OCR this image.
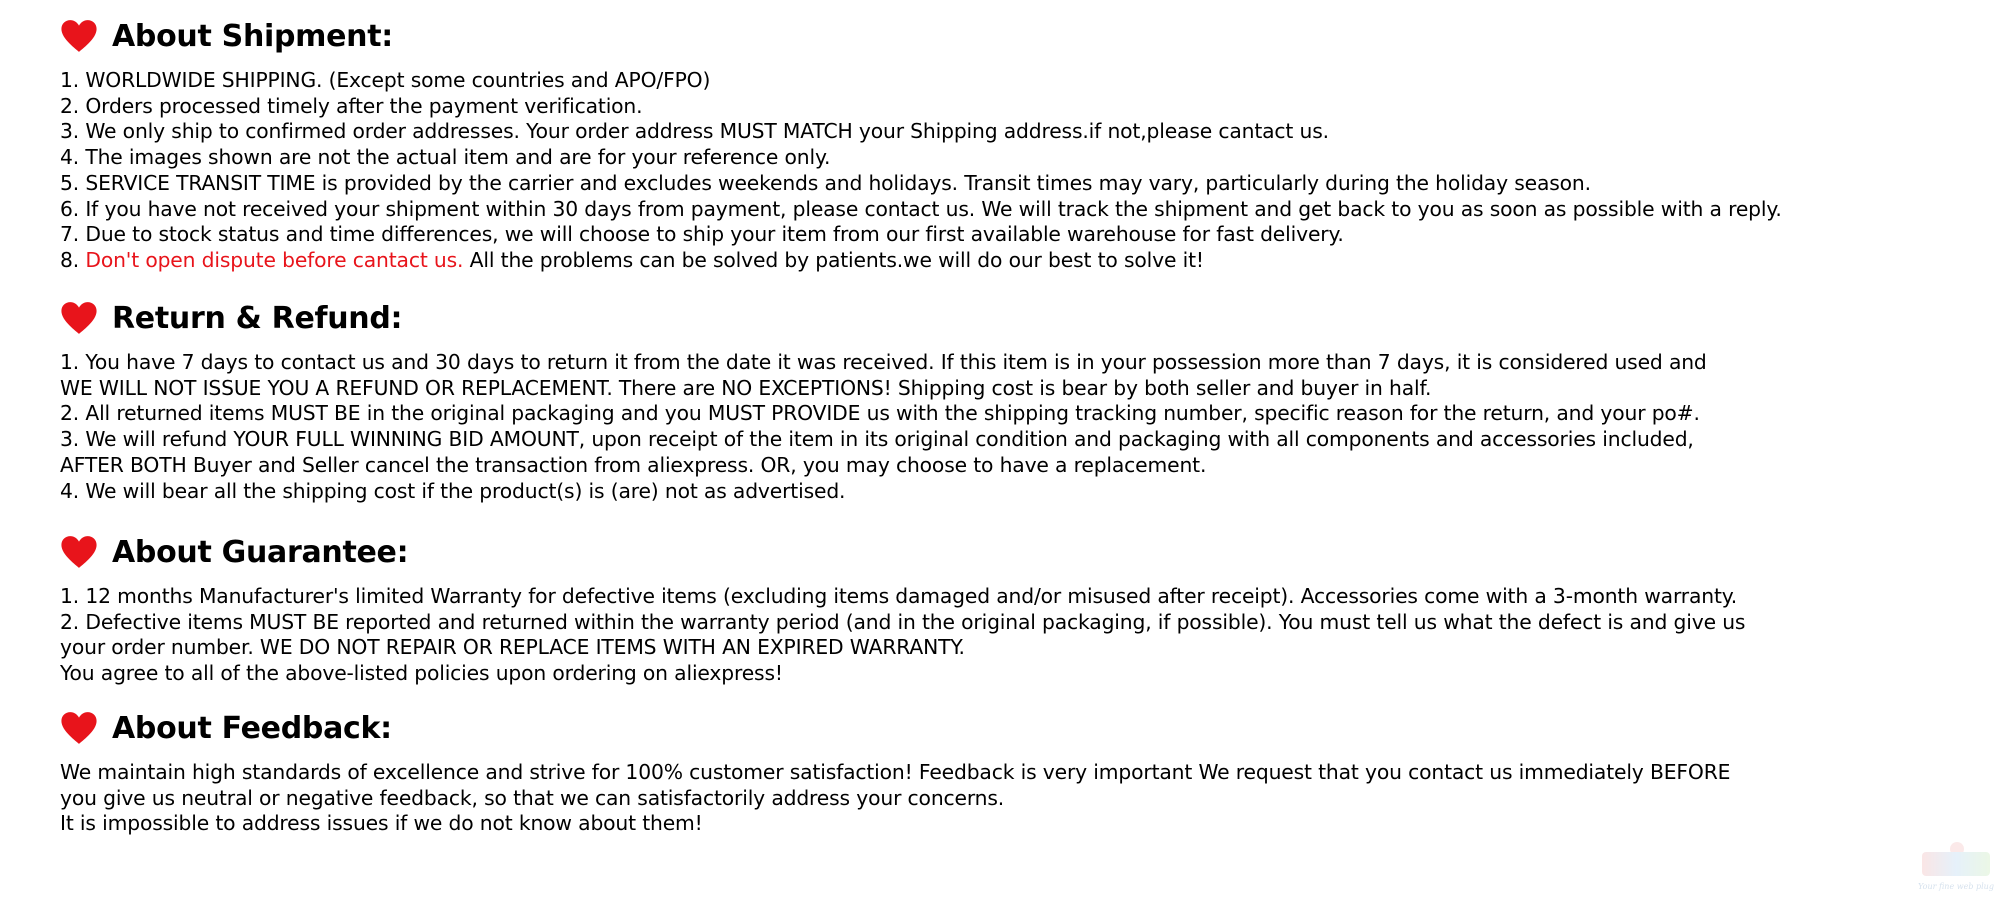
About Shipment:
1. WORLDWIDE SHIPPING. (Except some countries and APO/FPO)
2. Orders processed timely after the payment verification.
3. We only ship to confirmed order addresses. Your order address MUST MATCH your Shipping address.if not,please cantact us.
4. The images shown are not the actual item and are for your reference only.
5. SERVICE TRANSIT TIME is provided by the carrier and excludes weekends and holidays. Transit times may vary, particularly during the holiday season.
6. If you have not received your shipment within 30 days from payment, please contact us. We will track the shipment and get back to you as soon as possible with a reply.
7. Due to stock status and time differences, we will choose to ship your item from our first available warehouse for fast delivery.
8. Don't open dispute before cantact us. All the problems can be solved by patients.we will do our best to solve it!
Return & Refund:
1. You have 7 days to contact us and 30 days to return it from the date it was received. If this item is in your possession more than 7 days, it is considered used and
WE WILL NOT ISSUE YOU A REFUND OR REPLACEMENT. There are NO EXCEPTIONS! Shipping cost is bear by both seller and buyer in half.
2. All returned items MUST BE in the original packaging and you MUST PROVIDE us with the shipping tracking number, specific reason for the return, and your po#.
3. We will refund YOUR FULL WINNING BID AMOUNT, upon receipt of the item in its original condition and packaging with all components and accessories included,
AFTER BOTH Buyer and Seller cancel the transaction from aliexpress. OR, you may choose to have a replacement.
4. We will bear all the shipping cost if the product(s) is (are) not as advertised.
About Guarantee:
1. 12 months Manufacturer's limited Warranty for defective items (excluding items damaged and/or misused after receipt). Accessories come with a 3-month warranty.
2. Defective items MUST BE reported and returned within the warranty period (and in the original packaging, if possible). You must tell us what the defect is and give us
your order number. WE DO NOT REPAIR OR REPLACE ITEMS WITH AN EXPIRED WARRANTY.
You agree to all of the above-listed policies upon ordering on aliexpress!
About Feedback:
We maintain high standards of excellence and strive for 100% customer satisfaction! Feedback is very important We request that you contact us immediately BEFORE
you give us neutral or negative feedback, so that we can satisfactorily address your concerns.
It is impossible to address issues if we do not know about them!
Your fine web plug
